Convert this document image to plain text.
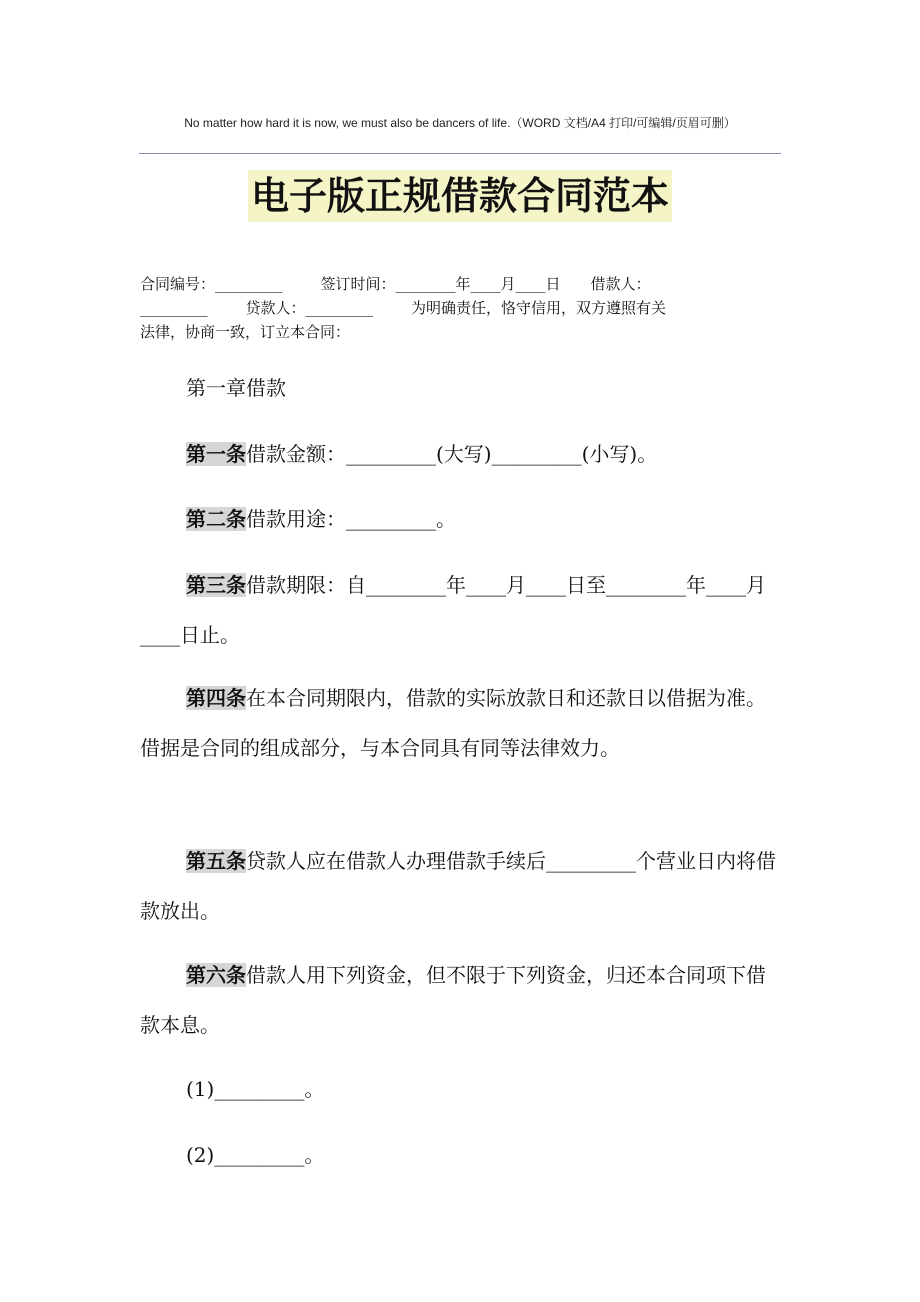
No matter how hard it is now, we must also be dancers of life.（WORD 文档/A4 打印/可编辑/页眉可删）
电子版正规借款合同范本
合同编号：_________	签订时间：________年____月____日 借款人：
_________	贷款人：_________	为明确责任，恪守信用，双方遵照有关
法律，协商一致，订立本合同：
第一章借款
第一条借款金额：_________(大写)_________(小写)。
第二条借款用途：_________。
第三条借款期限：自________年____月____日至________年____月____日止。
第四条在本合同期限内，借款的实际放款日和还款日以借据为准。借据是合同的组成部分，与本合同具有同等法律效力。
第五条贷款人应在借款人办理借款手续后_________个营业日内将借款放出。
第六条借款人用下列资金，但不限于下列资金，归还本合同项下借款本息。
(1)_________。
(2)_________。
